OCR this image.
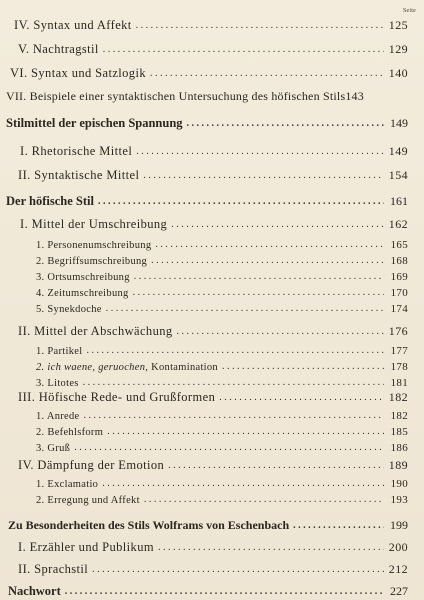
Seite
IV. Syntax und Affekt . . .	125
V. Nachtragstil . . .	129
VI. Syntax und Satzlogik . . .	140
VII. Beispiele einer syntaktischen Untersuchung des höfischen Stils 143
Stilmittel der epischen Spannung . . .	149
I. Rhetorische Mittel . . .	149
II. Syntaktische Mittel . . .	154
Der höfische Stil . . .	161
I. Mittel der Umschreibung . . .	162
1. Personenumschreibung . . .	165
2. Begriffsumschreibung . . .	168
3. Ortsumschreibung . . .	169
4. Zeitumschreibung . . .	170
5. Synekdoche . . .	174
II. Mittel der Abschwächung . . .	176
1. Partikel . . .	177
2. ich waene, geruochen, Kontamination . . .	178
3. Litotes . . .	181
III. Höfische Rede- und Grußformen . . .	182
1. Anrede . . .	182
2. Befehlsform . . .	185
3. Gruß . . .	186
IV. Dämpfung der Emotion . . .	189
1. Exclamatio . . .	190
2. Erregung und Affekt . . .	193
Zu Besonderheiten des Stils Wolframs von Eschenbach . . .	199
I. Erzähler und Publikum . . .	200
II. Sprachstil . . .	212
Nachwort . . .	227
